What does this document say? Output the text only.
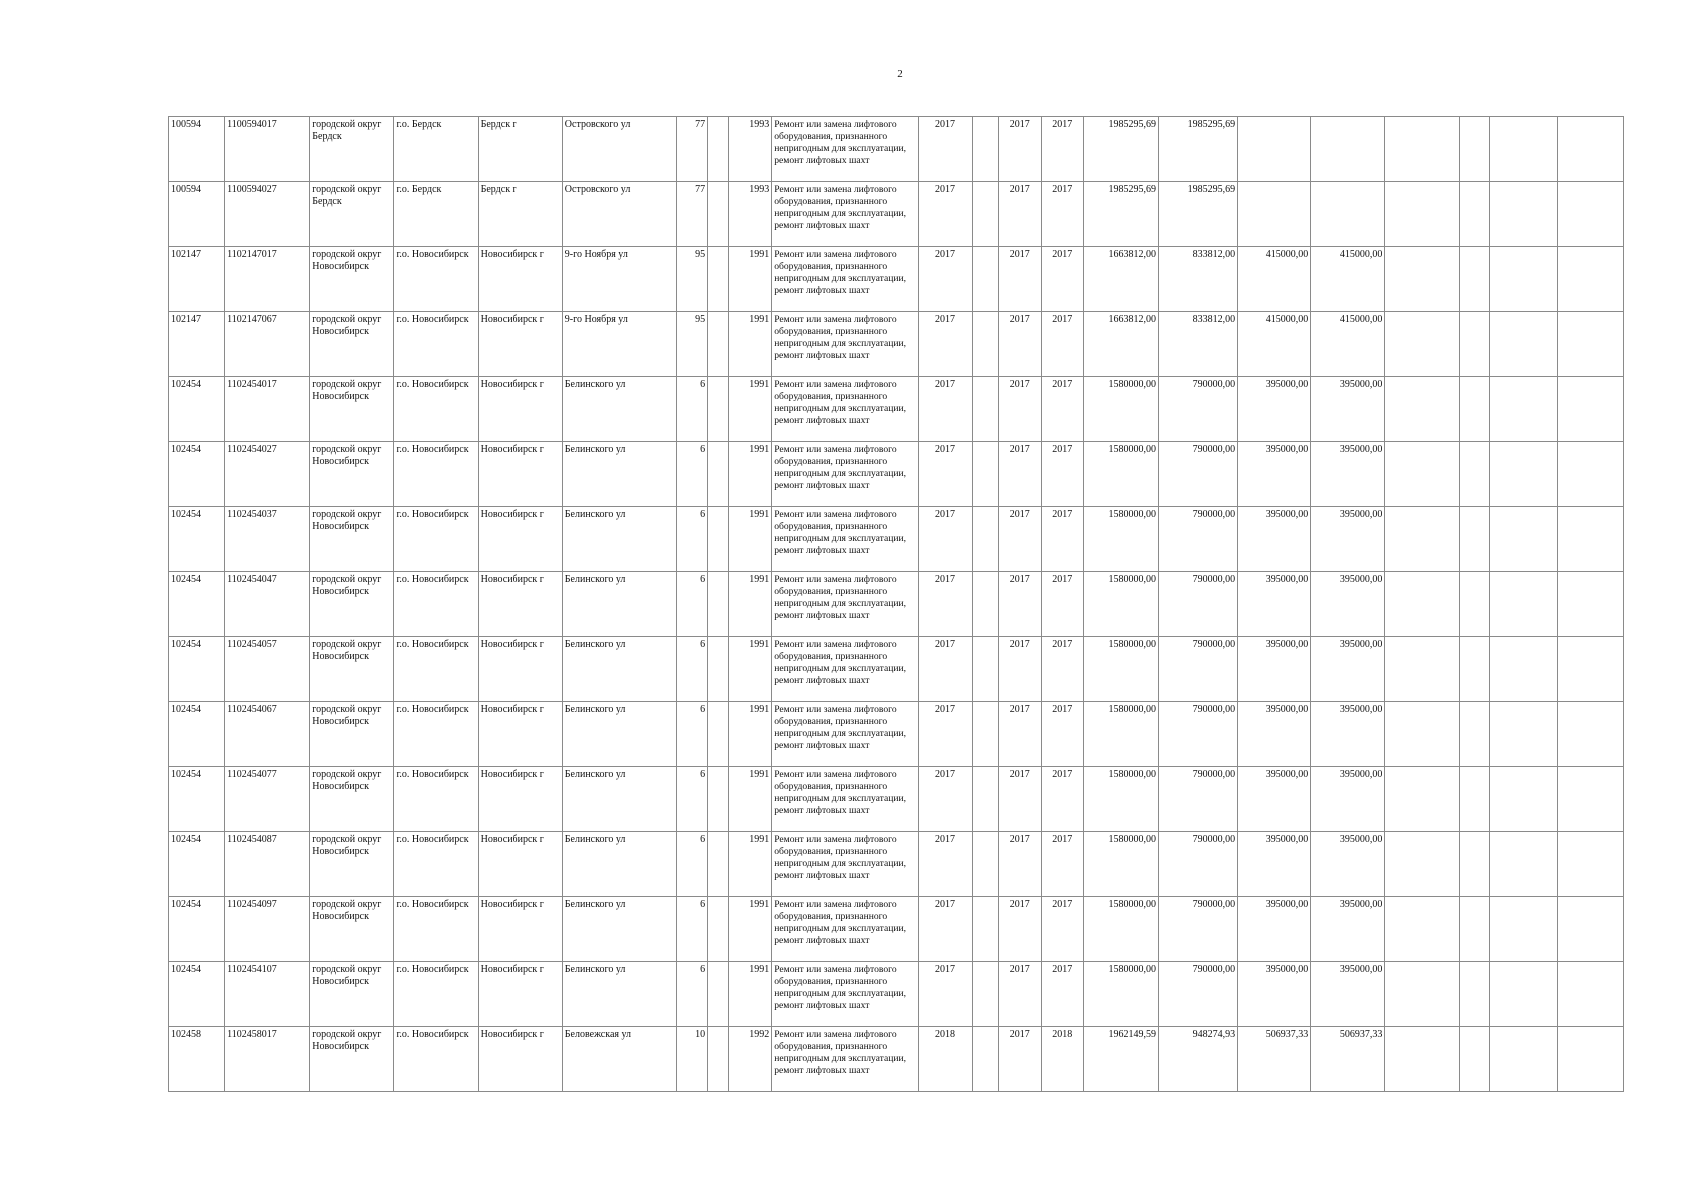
2
100594	1100594017	городской округ Бердск	г.о. Бердск	Бердск г	Островского ул	77		1993	Ремонт или замена лифтового оборудования, признанного непригодным для эксплуатации, ремонт лифтовых шахт	2017		2017	2017	1985295,69	1985295,69						
100594	1100594027	городской округ Бердск	г.о. Бердск	Бердск г	Островского ул	77		1993	Ремонт или замена лифтового оборудования, признанного непригодным для эксплуатации, ремонт лифтовых шахт	2017		2017	2017	1985295,69	1985295,69						
102147	1102147017	городской округ Новосибирск	г.о. Новосибирск	Новосибирск г	9-го Ноября ул	95		1991	Ремонт или замена лифтового оборудования, признанного непригодным для эксплуатации, ремонт лифтовых шахт	2017		2017	2017	1663812,00	833812,00	415000,00	415000,00				
102147	1102147067	городской округ Новосибирск	г.о. Новосибирск	Новосибирск г	9-го Ноября ул	95		1991	Ремонт или замена лифтового оборудования, признанного непригодным для эксплуатации, ремонт лифтовых шахт	2017		2017	2017	1663812,00	833812,00	415000,00	415000,00				
102454	1102454017	городской округ Новосибирск	г.о. Новосибирск	Новосибирск г	Белинского ул	6		1991	Ремонт или замена лифтового оборудования, признанного непригодным для эксплуатации, ремонт лифтовых шахт	2017		2017	2017	1580000,00	790000,00	395000,00	395000,00				
102454	1102454027	городской округ Новосибирск	г.о. Новосибирск	Новосибирск г	Белинского ул	6		1991	Ремонт или замена лифтового оборудования, признанного непригодным для эксплуатации, ремонт лифтовых шахт	2017		2017	2017	1580000,00	790000,00	395000,00	395000,00				
102454	1102454037	городской округ Новосибирск	г.о. Новосибирск	Новосибирск г	Белинского ул	6		1991	Ремонт или замена лифтового оборудования, признанного непригодным для эксплуатации, ремонт лифтовых шахт	2017		2017	2017	1580000,00	790000,00	395000,00	395000,00				
102454	1102454047	городской округ Новосибирск	г.о. Новосибирск	Новосибирск г	Белинского ул	6		1991	Ремонт или замена лифтового оборудования, признанного непригодным для эксплуатации, ремонт лифтовых шахт	2017		2017	2017	1580000,00	790000,00	395000,00	395000,00				
102454	1102454057	городской округ Новосибирск	г.о. Новосибирск	Новосибирск г	Белинского ул	6		1991	Ремонт или замена лифтового оборудования, признанного непригодным для эксплуатации, ремонт лифтовых шахт	2017		2017	2017	1580000,00	790000,00	395000,00	395000,00				
102454	1102454067	городской округ Новосибирск	г.о. Новосибирск	Новосибирск г	Белинского ул	6		1991	Ремонт или замена лифтового оборудования, признанного непригодным для эксплуатации, ремонт лифтовых шахт	2017		2017	2017	1580000,00	790000,00	395000,00	395000,00				
102454	1102454077	городской округ Новосибирск	г.о. Новосибирск	Новосибирск г	Белинского ул	6		1991	Ремонт или замена лифтового оборудования, признанного непригодным для эксплуатации, ремонт лифтовых шахт	2017		2017	2017	1580000,00	790000,00	395000,00	395000,00				
102454	1102454087	городской округ Новосибирск	г.о. Новосибирск	Новосибирск г	Белинского ул	6		1991	Ремонт или замена лифтового оборудования, признанного непригодным для эксплуатации, ремонт лифтовых шахт	2017		2017	2017	1580000,00	790000,00	395000,00	395000,00				
102454	1102454097	городской округ Новосибирск	г.о. Новосибирск	Новосибирск г	Белинского ул	6		1991	Ремонт или замена лифтового оборудования, признанного непригодным для эксплуатации, ремонт лифтовых шахт	2017		2017	2017	1580000,00	790000,00	395000,00	395000,00				
102454	1102454107	городской округ Новосибирск	г.о. Новосибирск	Новосибирск г	Белинского ул	6		1991	Ремонт или замена лифтового оборудования, признанного непригодным для эксплуатации, ремонт лифтовых шахт	2017		2017	2017	1580000,00	790000,00	395000,00	395000,00				
102458	1102458017	городской округ Новосибирск	г.о. Новосибирск	Новосибирск г	Беловежская ул	10		1992	Ремонт или замена лифтового оборудования, признанного непригодным для эксплуатации, ремонт лифтовых шахт	2018		2017	2018	1962149,59	948274,93	506937,33	506937,33				
